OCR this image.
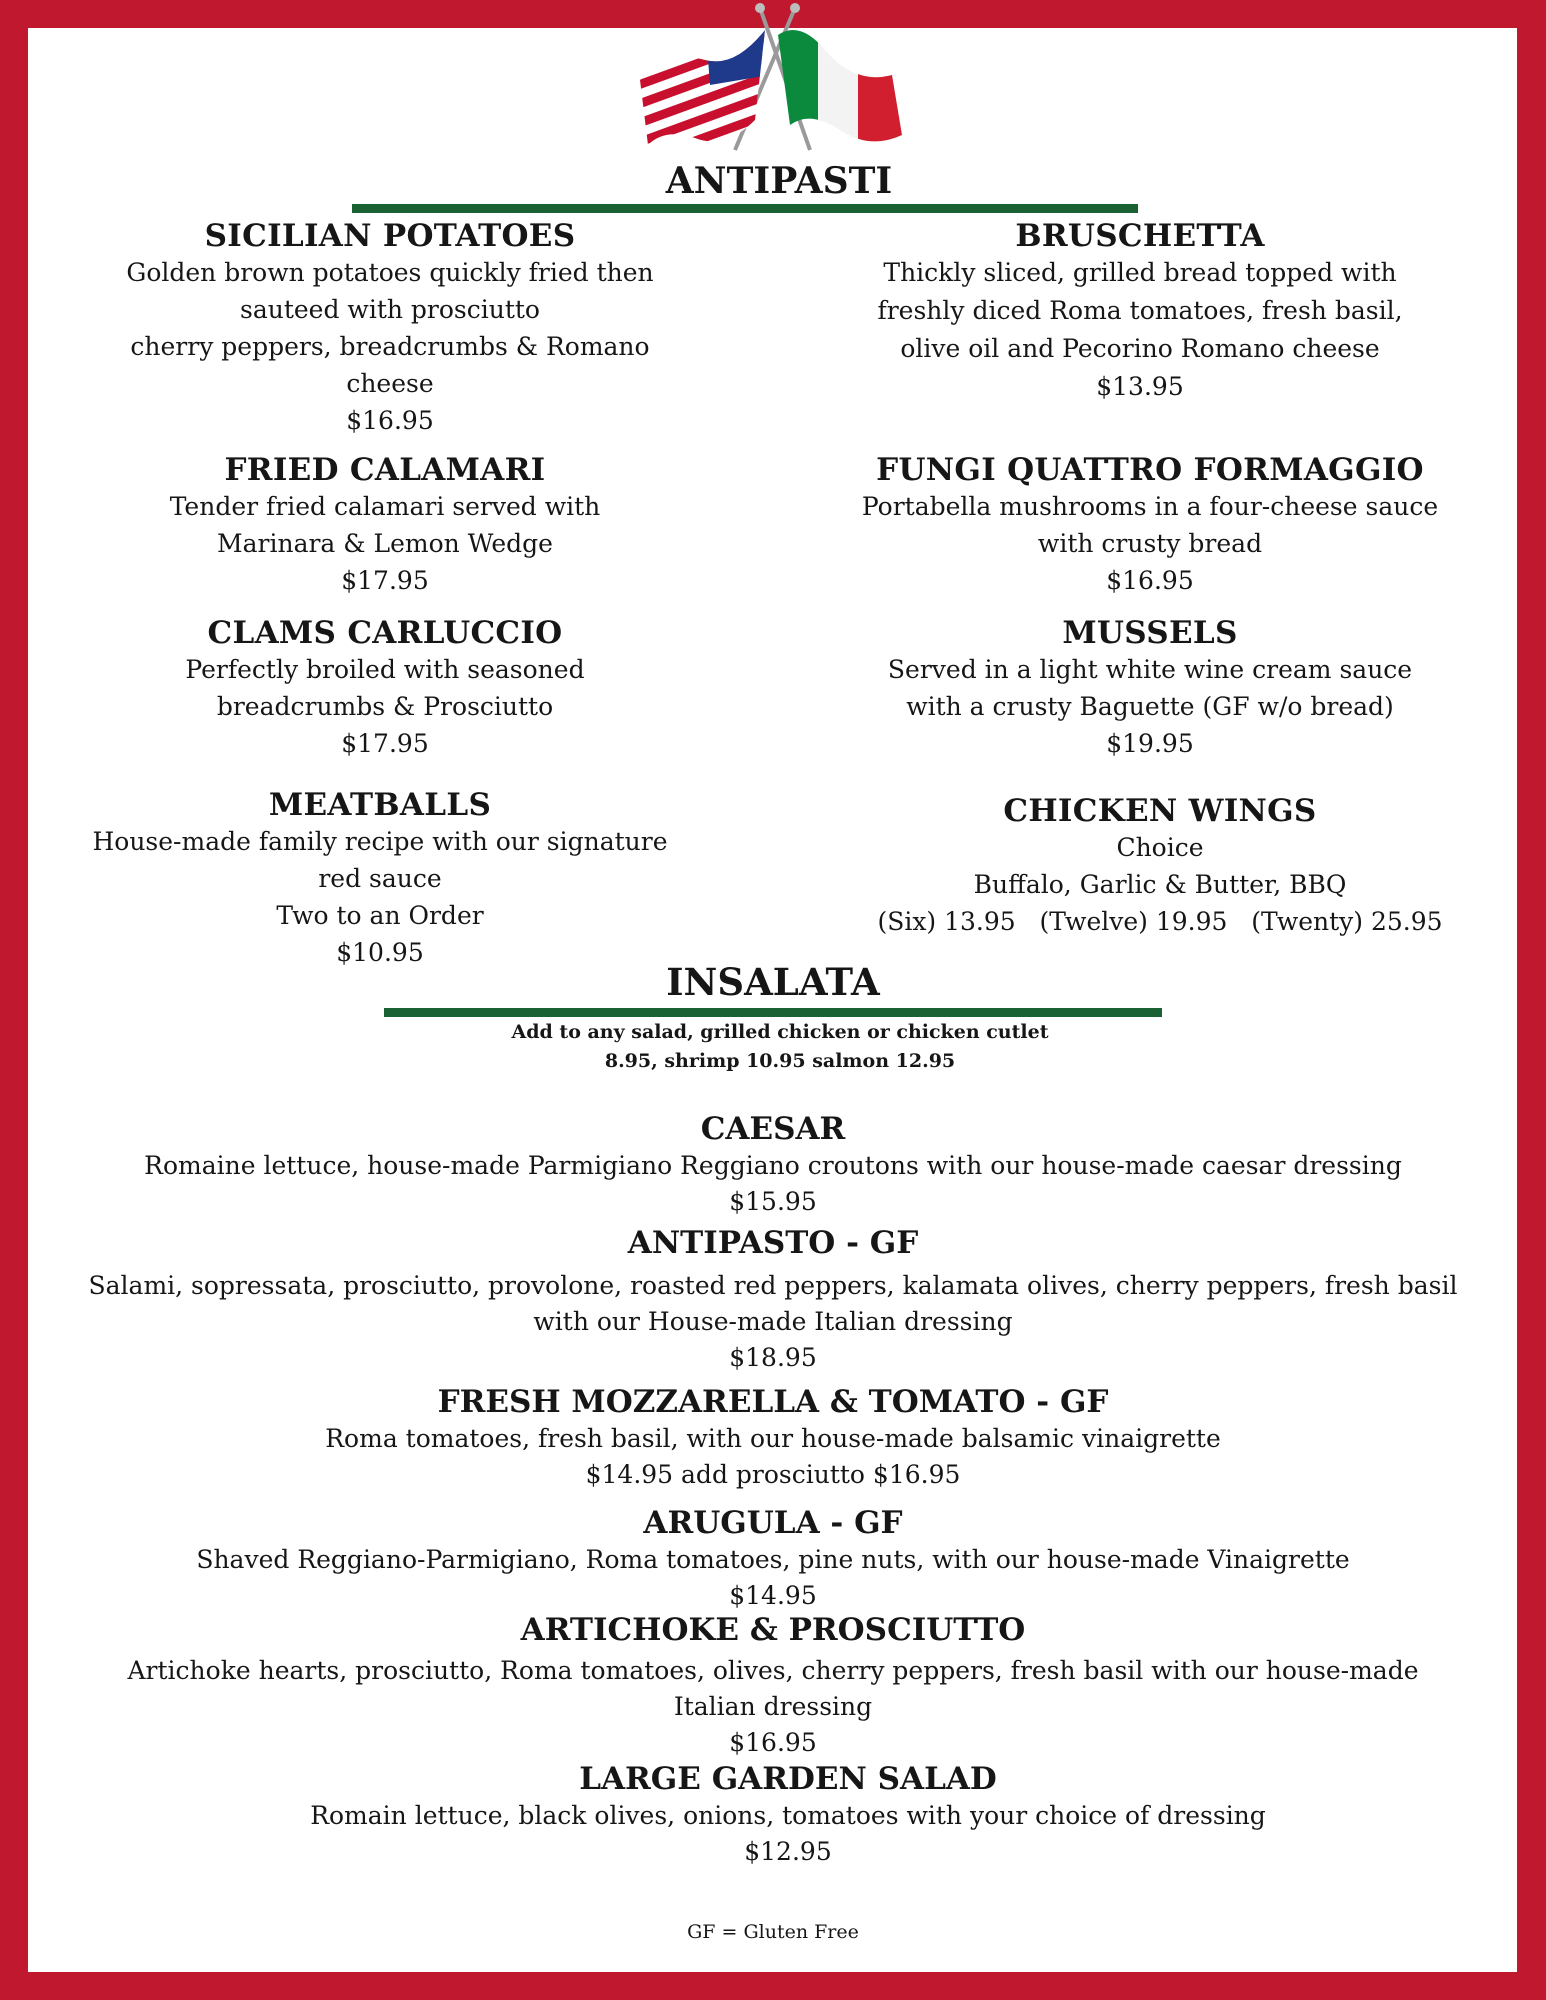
ANTIPASTI
SICILIAN POTATOES
Golden brown potatoes quickly fried then
sauteed with prosciutto
cherry peppers, breadcrumbs & Romano
cheese
$16.95
FRIED CALAMARI
Tender fried calamari served with
Marinara & Lemon Wedge
$17.95
CLAMS CARLUCCIO
Perfectly broiled with seasoned
breadcrumbs & Prosciutto
$17.95
MEATBALLS
House-made family recipe with our signature
red sauce
Two to an Order
$10.95
BRUSCHETTA
Thickly sliced, grilled bread topped with
freshly diced Roma tomatoes, fresh basil,
olive oil and Pecorino Romano cheese
$13.95
FUNGI QUATTRO FORMAGGIO
Portabella mushrooms in a four-cheese sauce
with crusty bread
$16.95
MUSSELS
Served in a light white wine cream sauce
with a crusty Baguette (GF w/o bread)
$19.95
CHICKEN WINGS
Choice
Buffalo, Garlic & Butter, BBQ
(Six) 13.95   (Twelve) 19.95   (Twenty) 25.95
INSALATA
Add to any salad, grilled chicken or chicken cutlet
8.95, shrimp 10.95 salmon 12.95
CAESAR
Romaine lettuce, house-made Parmigiano Reggiano croutons with our house-made caesar dressing
$15.95
ANTIPASTO - GF
Salami, sopressata, prosciutto, provolone, roasted red peppers, kalamata olives, cherry peppers, fresh basil
with our House-made Italian dressing
$18.95
FRESH MOZZARELLA & TOMATO - GF
Roma tomatoes, fresh basil, with our house-made balsamic vinaigrette
$14.95 add prosciutto $16.95
ARUGULA - GF
Shaved Reggiano-Parmigiano, Roma tomatoes, pine nuts, with our house-made Vinaigrette
$14.95
ARTICHOKE & PROSCIUTTO
Artichoke hearts, prosciutto, Roma tomatoes, olives, cherry peppers, fresh basil with our house-made
Italian dressing
$16.95
LARGE GARDEN SALAD
Romain lettuce, black olives, onions, tomatoes with your choice of dressing
$12.95
GF = Gluten Free
